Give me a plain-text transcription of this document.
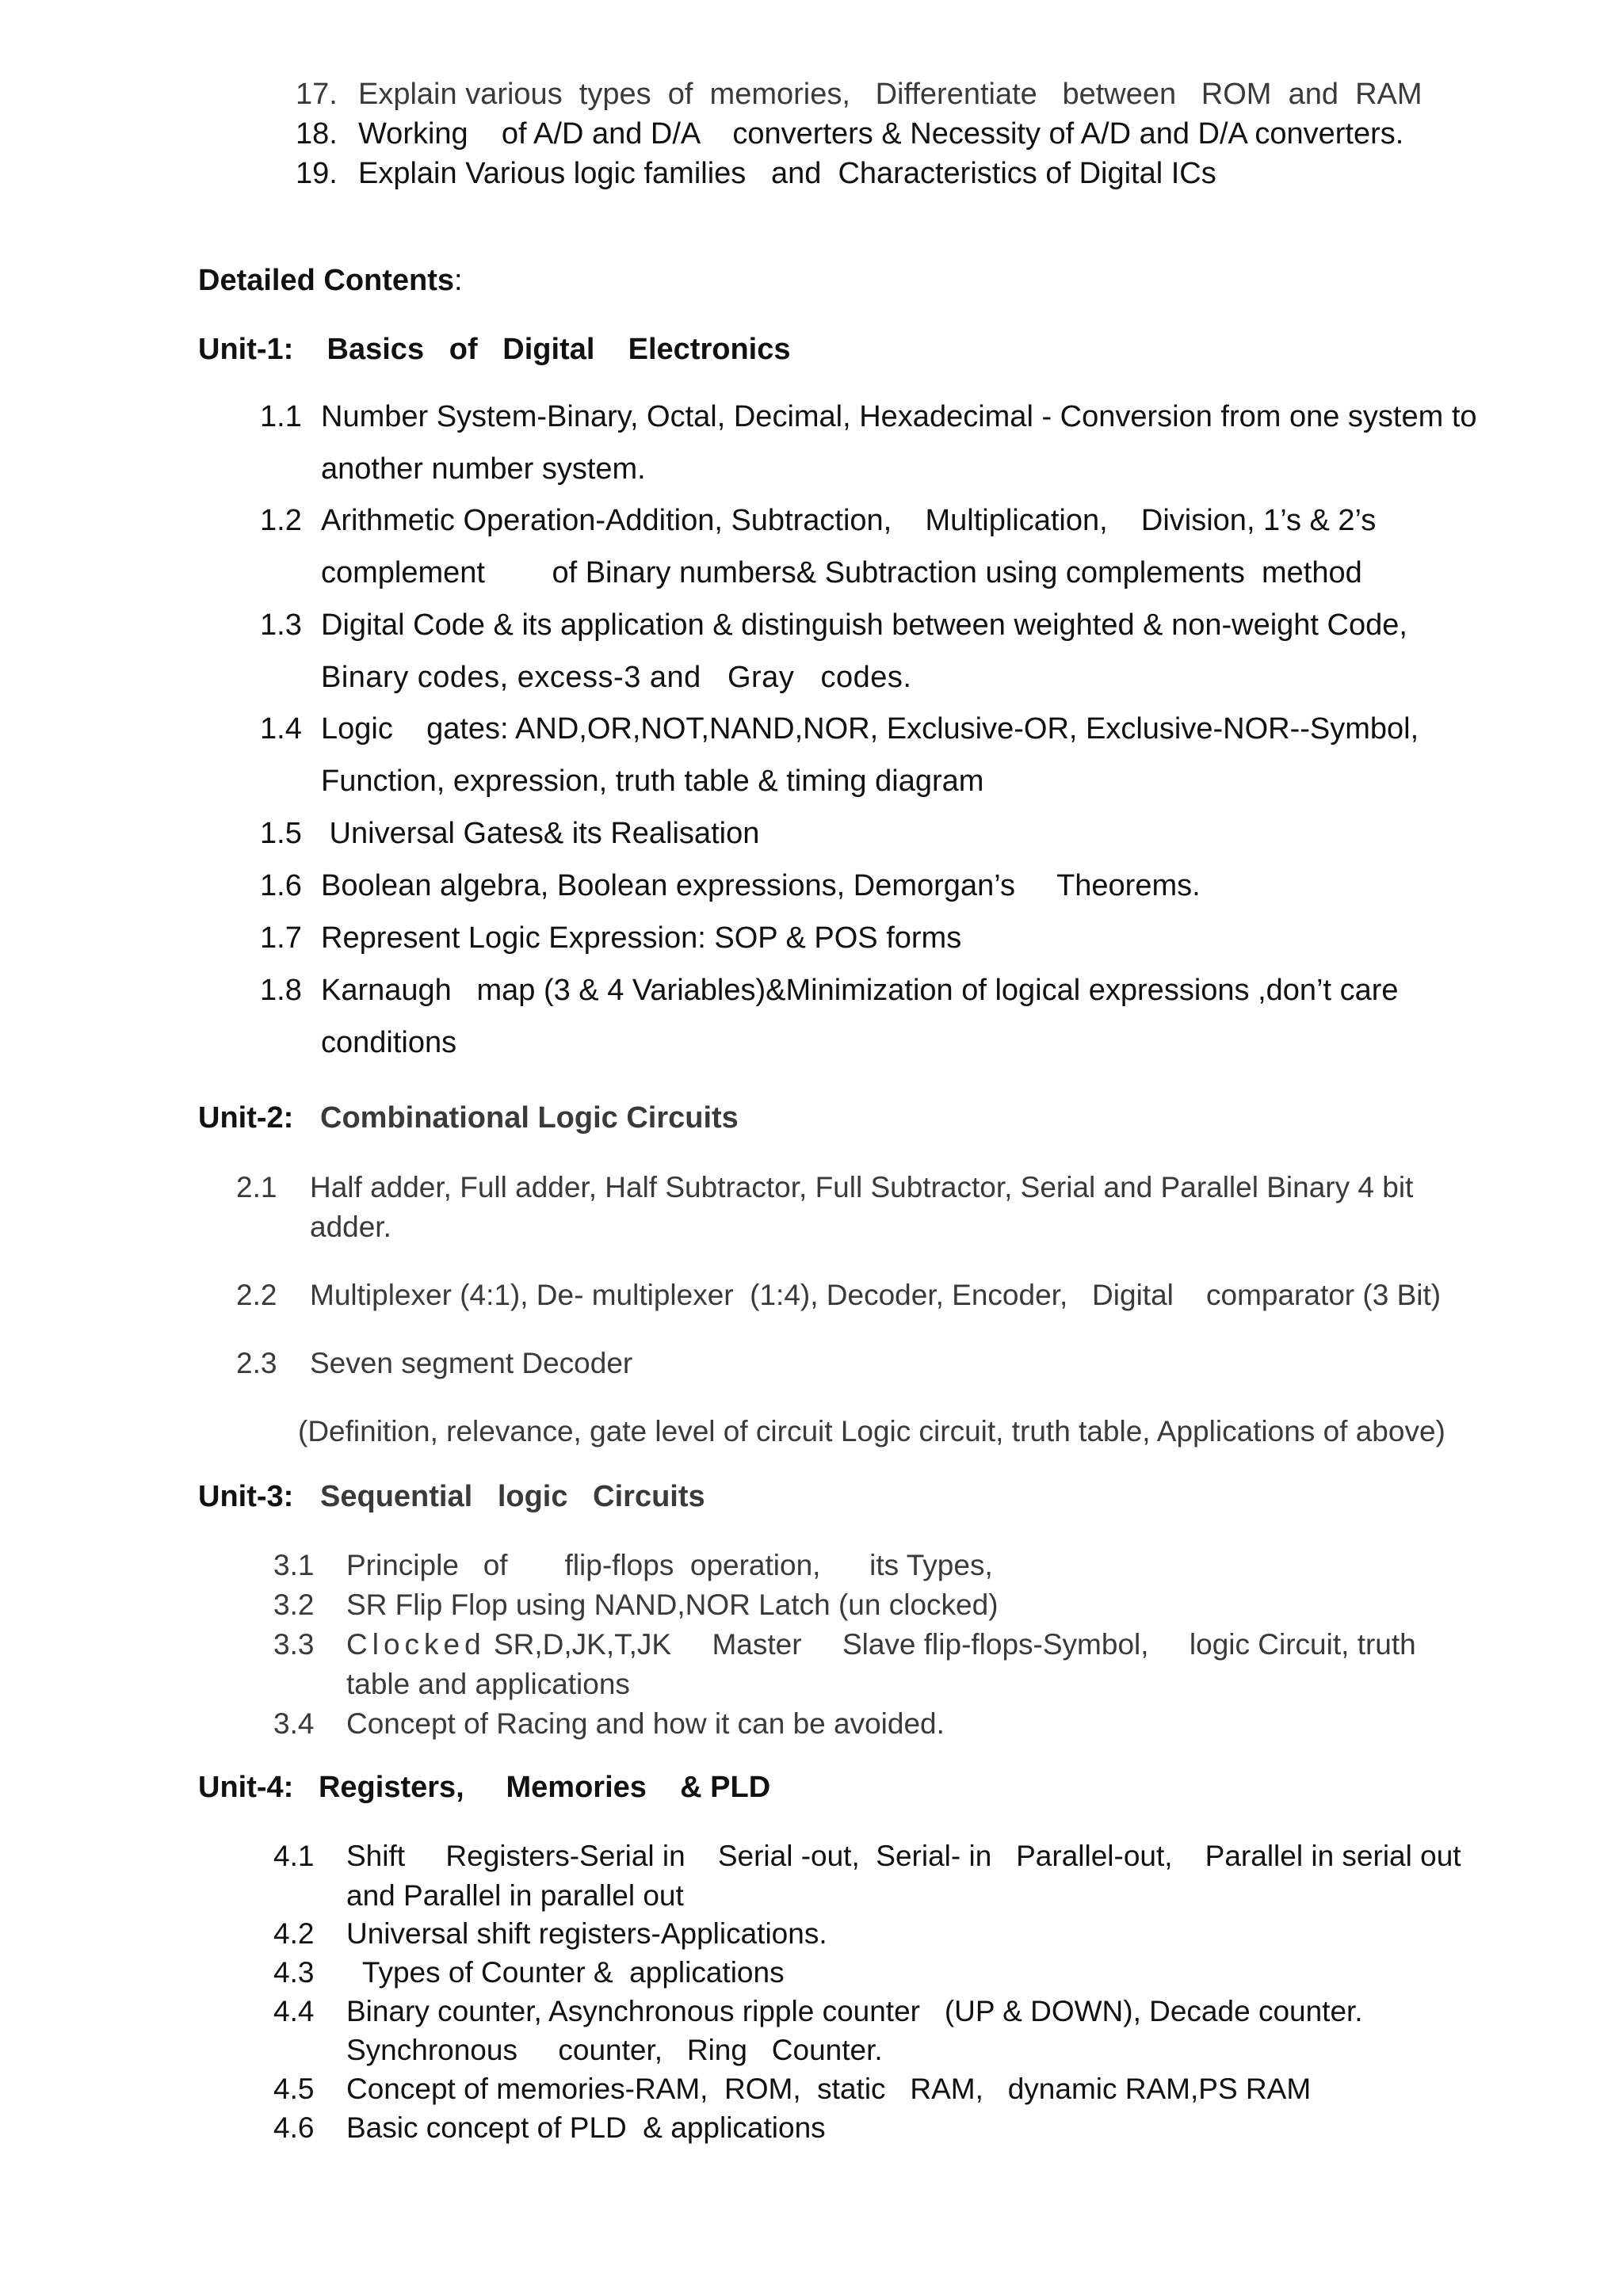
17. Explain various  types  of  memories,   Differentiate   between   ROM  and  RAM
18. Working    of A/D and D/A    converters & Necessity of A/D and D/A converters.
19. Explain Various logic families   and  Characteristics of Digital ICs
Detailed Contents:
Unit-1:    Basics   of   Digital    Electronics
1.1 Number System-Binary, Octal, Decimal, Hexadecimal - Conversion from one system to
another number system.
1.2 Arithmetic Operation-Addition, Subtraction,    Multiplication,    Division, 1’s & 2’s
complement        of Binary numbers& Subtraction using complements  method
1.3 Digital Code & its application & distinguish between weighted & non-weight Code,
Binary codes, excess-3 and   Gray   codes.
1.4 Logic    gates: AND,OR,NOT,NAND,NOR, Exclusive-OR, Exclusive-NOR--Symbol,
Function, expression, truth table & timing diagram
1.5 Universal Gates& its Realisation
1.6 Boolean algebra, Boolean expressions, Demorgan’s     Theorems.
1.7 Represent Logic Expression: SOP & POS forms
1.8 Karnaugh   map (3 & 4 Variables)&Minimization of logical expressions ,don’t care
conditions
Unit-2: Combinational Logic Circuits
2.1 Half adder, Full adder, Half Subtractor, Full Subtractor, Serial and Parallel Binary 4 bit
adder.
2.2 Multiplexer (4:1), De- multiplexer  (1:4), Decoder, Encoder,   Digital    comparator (3 Bit)
2.3 Seven segment Decoder
(Definition, relevance, gate level of circuit Logic circuit, truth table, Applications of above)
Unit-3: Sequential   logic   Circuits
3.1 Principle   of       flip-flops  operation,      its Types,
3.2 SR Flip Flop using NAND,NOR Latch (un clocked)
3.3 Clocked SR,D,JK,T,JK     Master     Slave flip-flops-Symbol,     logic Circuit, truth
table and applications
3.4 Concept of Racing and how it can be avoided.
Unit-4:   Registers,     Memories    & PLD
4.1 Shift     Registers-Serial in    Serial -out,  Serial- in   Parallel-out,    Parallel in serial out
and Parallel in parallel out
4.2 Universal shift registers-Applications.
4.3 Types of Counter &  applications
4.4 Binary counter, Asynchronous ripple counter   (UP & DOWN), Decade counter.
Synchronous     counter,   Ring   Counter.
4.5 Concept of memories-RAM,  ROM,  static   RAM,   dynamic RAM,PS RAM
4.6 Basic concept of PLD  & applications
